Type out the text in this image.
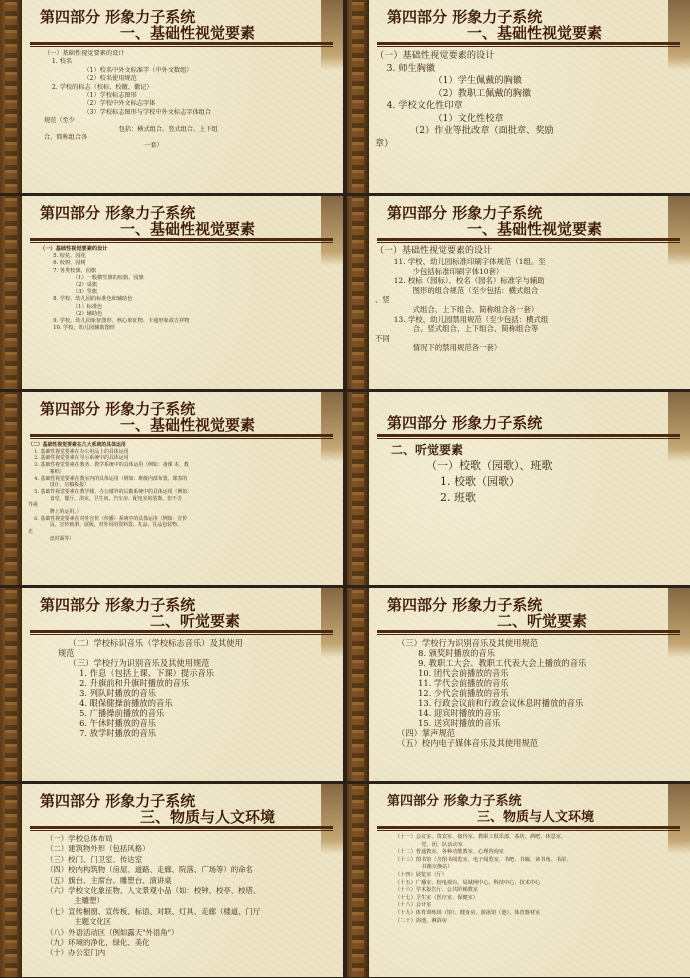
第四部分 形象力子系统
一、基础性视觉要素
（一）基础性视觉要素的设计
1. 校名
（1）校名中外文标准字（中外文数组）
（2）校名使用规范
2. 学校的标志（校标、校徽、徽记）
（1）学校标志图形
（2）学校中外文标志字体
（3）学校标志图形与学校中外文标志字体组合
规范（至少
包括：横式组合、竖式组合、上下组
合、简称组合各
一套）
第四部分 形象力子系统
一、基础性视觉要素
（一）基础性视觉要素的设计
3. 师生胸徽
（1）学生佩戴的胸徽
（2）教职工佩戴的胸徽
4. 学校文化性印章
（1）文化性校章
（2）作业等批改章（面批章、奖励
章）
第四部分 形象力子系统
一、基础性视觉要素
（一）基础性视觉要素的设计
5. 校花、园花
6. 校树、园树
7. 各类校旗、园旗
（1）一般横竖旗的校旗、园旗
（2）桌旗
（3）竖旗
8. 学校、幼儿园的标准色和辅助色
（1）标准色
（2）辅助色
9. 学校、幼儿园象征图形、核心象征物、卡通形象或吉祥物
10. 学校、幼儿园辅助图形
第四部分 形象力子系统
一、基础性视觉要素
（一）基础性视觉要素的设计
11. 学校、幼儿园标准印刷字体规范（1组。至
少包括标准印刷字体10套）
12. 校标（园标）、校名（园名）标准字与辅助
图形的组合规范（至少包括：横式组合
、竖
式组合、上下组合、简称组合各一套）
13. 学校、幼儿园禁用规范（至少包括：横式组
合、竖式组合、上下组合、简称组合等
不同
情况下的禁用规范各一套）
第四部分 形象力子系统
一、基础性视觉要素
（二）基础性视觉要素在几大系统的具体运用
1. 基础性视觉要素在办公用品上的具体运用
2. 基础性视觉要素在导示系统中的具体运用
3. 基础性视觉要素在教务、教学系统中的具体运用（例如：备课 本、教
案纸）
4. 基础性视觉要素在教室内的具体运用（例如：班级内部布置、课表的
设计、启稿板报）
5. 基础性视觉要素在教学楼、办公楼外的后勤系统中的具体运用（例如：
食堂、餐厅、浴室、卫生间、汽车房、配电室的装饰，但不含
导视
牌上的运用。）
6. 基础性视觉要素在对外宣传（传播）系统中的具体运用（例如：宣传
页、宣传画册、展板、对外用的资料袋、礼品、礼品包装物、
光
盘封面等）
第四部分 形象力子系统
二、听觉要素
（一）校歌（园歌）、班歌
1. 校歌（园歌）
2. 班歌
第四部分 形象力子系统
二、听觉要素
（二）学校标识音乐（学校标志音乐）及其使用
规范
（三）学校行为识别音乐及其使用规范
1. 作息（包括上课、下课）提示音乐
2. 升旗前和升旗时播放的音乐
3. 列队时播放的音乐
4. 眼保健操前播放的音乐
5. 广播操前播放的音乐
6. 午休时播放的音乐
7. 放学时播放的音乐
第四部分 形象力子系统
二、听觉要素
（三）学校行为识别音乐及其使用规范
8. 颁奖时播放的音乐
9. 教职工大会、教职工代表大会上播放的音乐
10. 团代会前播放的音乐
11. 学代会前播放的音乐
12. 少代会前播放的音乐
13. 行政会议前和行政会议休息时播放的音乐
14. 迎宾时播放的音乐
15. 送宾时播放的音乐
（四）掌声规范
（五）校内电子媒体音乐及其使用规范
第四部分 形象力子系统
三、物质与人文环境
（一）学校总体布局
（二）建筑物外形（包括风格）
（三）校门、门卫室、传达室
（四）校内构筑物（房屋、道路、走廊、院落、广场等）的命名
（五）旗台、主席台、雕塑台、演讲桌
（六）学校文化象征物、人文景观小品（如：校钟、校亭、校塔、
主雕塑）
（七）宣传橱窗、宣传板、标语、对联、灯具、走廊（楼道、门厅
主题文化区
（八）外语活动区（例如露天"外语角"）
（九）环境的净化、绿化、美化
（十）办公室门内
第四部分 形象力子系统
三、物质与人文环境
（十一）会议室、贵宾室、接待室、教职工俱乐部、茶坊、酒吧、休息室、
党、团、队活动室
（十二）普通教室、各种功能教室、心理咨询室
（十三）图书馆（含图书阅览室、电子阅览室、书吧、书廊、读书角、书屋、
书籍交换站）
（十四）展览室（厅）
（十五）广播室、校电视台、局域网中心、科技中心、技术中心
（十六）学术报告厅、公共阶梯教室
（十七）卫生室（医疗室、保健室）
（十八）会计室
（十九）体育训练场（馆）、健身房、游泳馆（池）、体育器材室
（二十）浴池、淋浴房
